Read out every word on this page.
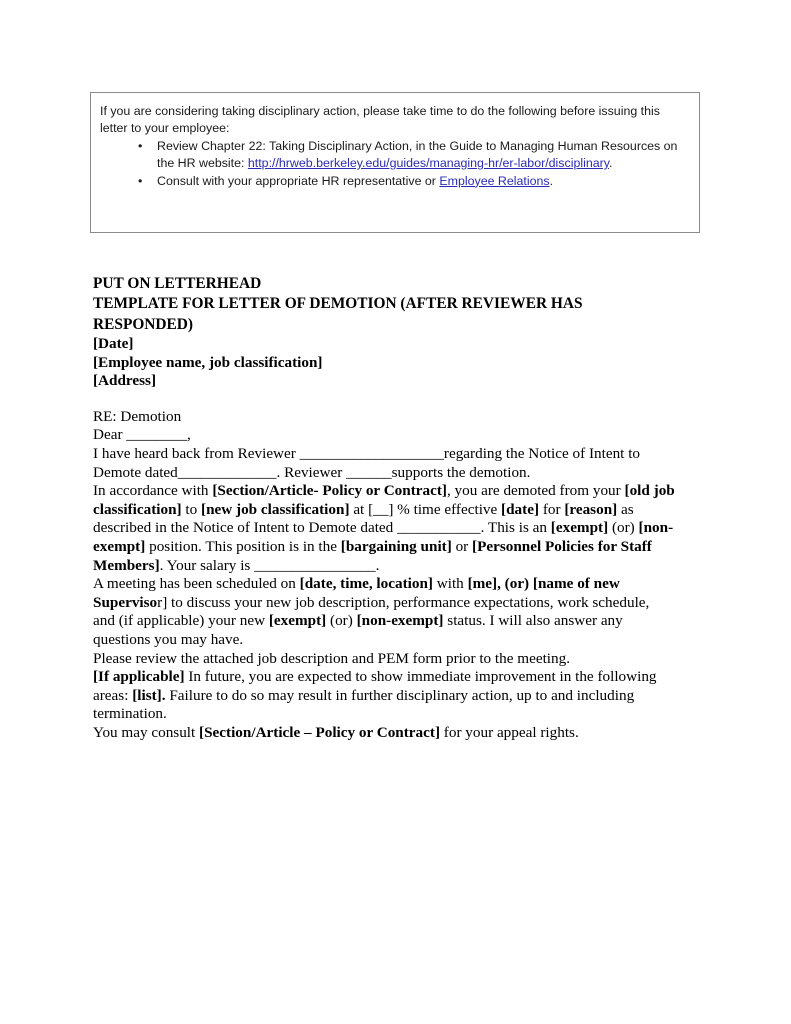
If you are considering taking disciplinary action, please take time to do the following before issuing this letter to your employee:

• Review Chapter 22: Taking Disciplinary Action, in the Guide to Managing Human Resources on the HR website: http://hrweb.berkeley.edu/guides/managing-hr/er-labor/disciplinary.
• Consult with your appropriate HR representative or Employee Relations.

PUT ON LETTERHEAD

TEMPLATE FOR LETTER OF DEMOTION (AFTER REVIEWER HAS RESPONDED)

[Date]

[Employee name, job classification]

[Address]

RE: Demotion

Dear ________,

I have heard back from Reviewer ___________________regarding the Notice of Intent to Demote dated_____________. Reviewer ______supports the demotion.

In accordance with [Section/Article- Policy or Contract], you are demoted from your [old job classification] to [new job classification] at [__] % time effective [date] for [reason] as described in the Notice of Intent to Demote dated ___________. This is an [exempt] (or) [non-exempt] position. This position is in the [bargaining unit] or [Personnel Policies for Staff Members]. Your salary is ________________.

A meeting has been scheduled on [date, time, location] with [me], (or) [name of new Supervisor] to discuss your new job description, performance expectations, work schedule, and (if applicable) your new [exempt] (or) [non-exempt] status. I will also answer any questions you may have.

Please review the attached job description and PEM form prior to the meeting.

[If applicable] In future, you are expected to show immediate improvement in the following areas: [list]. Failure to do so may result in further disciplinary action, up to and including termination.

You may consult [Section/Article – Policy or Contract] for your appeal rights.
